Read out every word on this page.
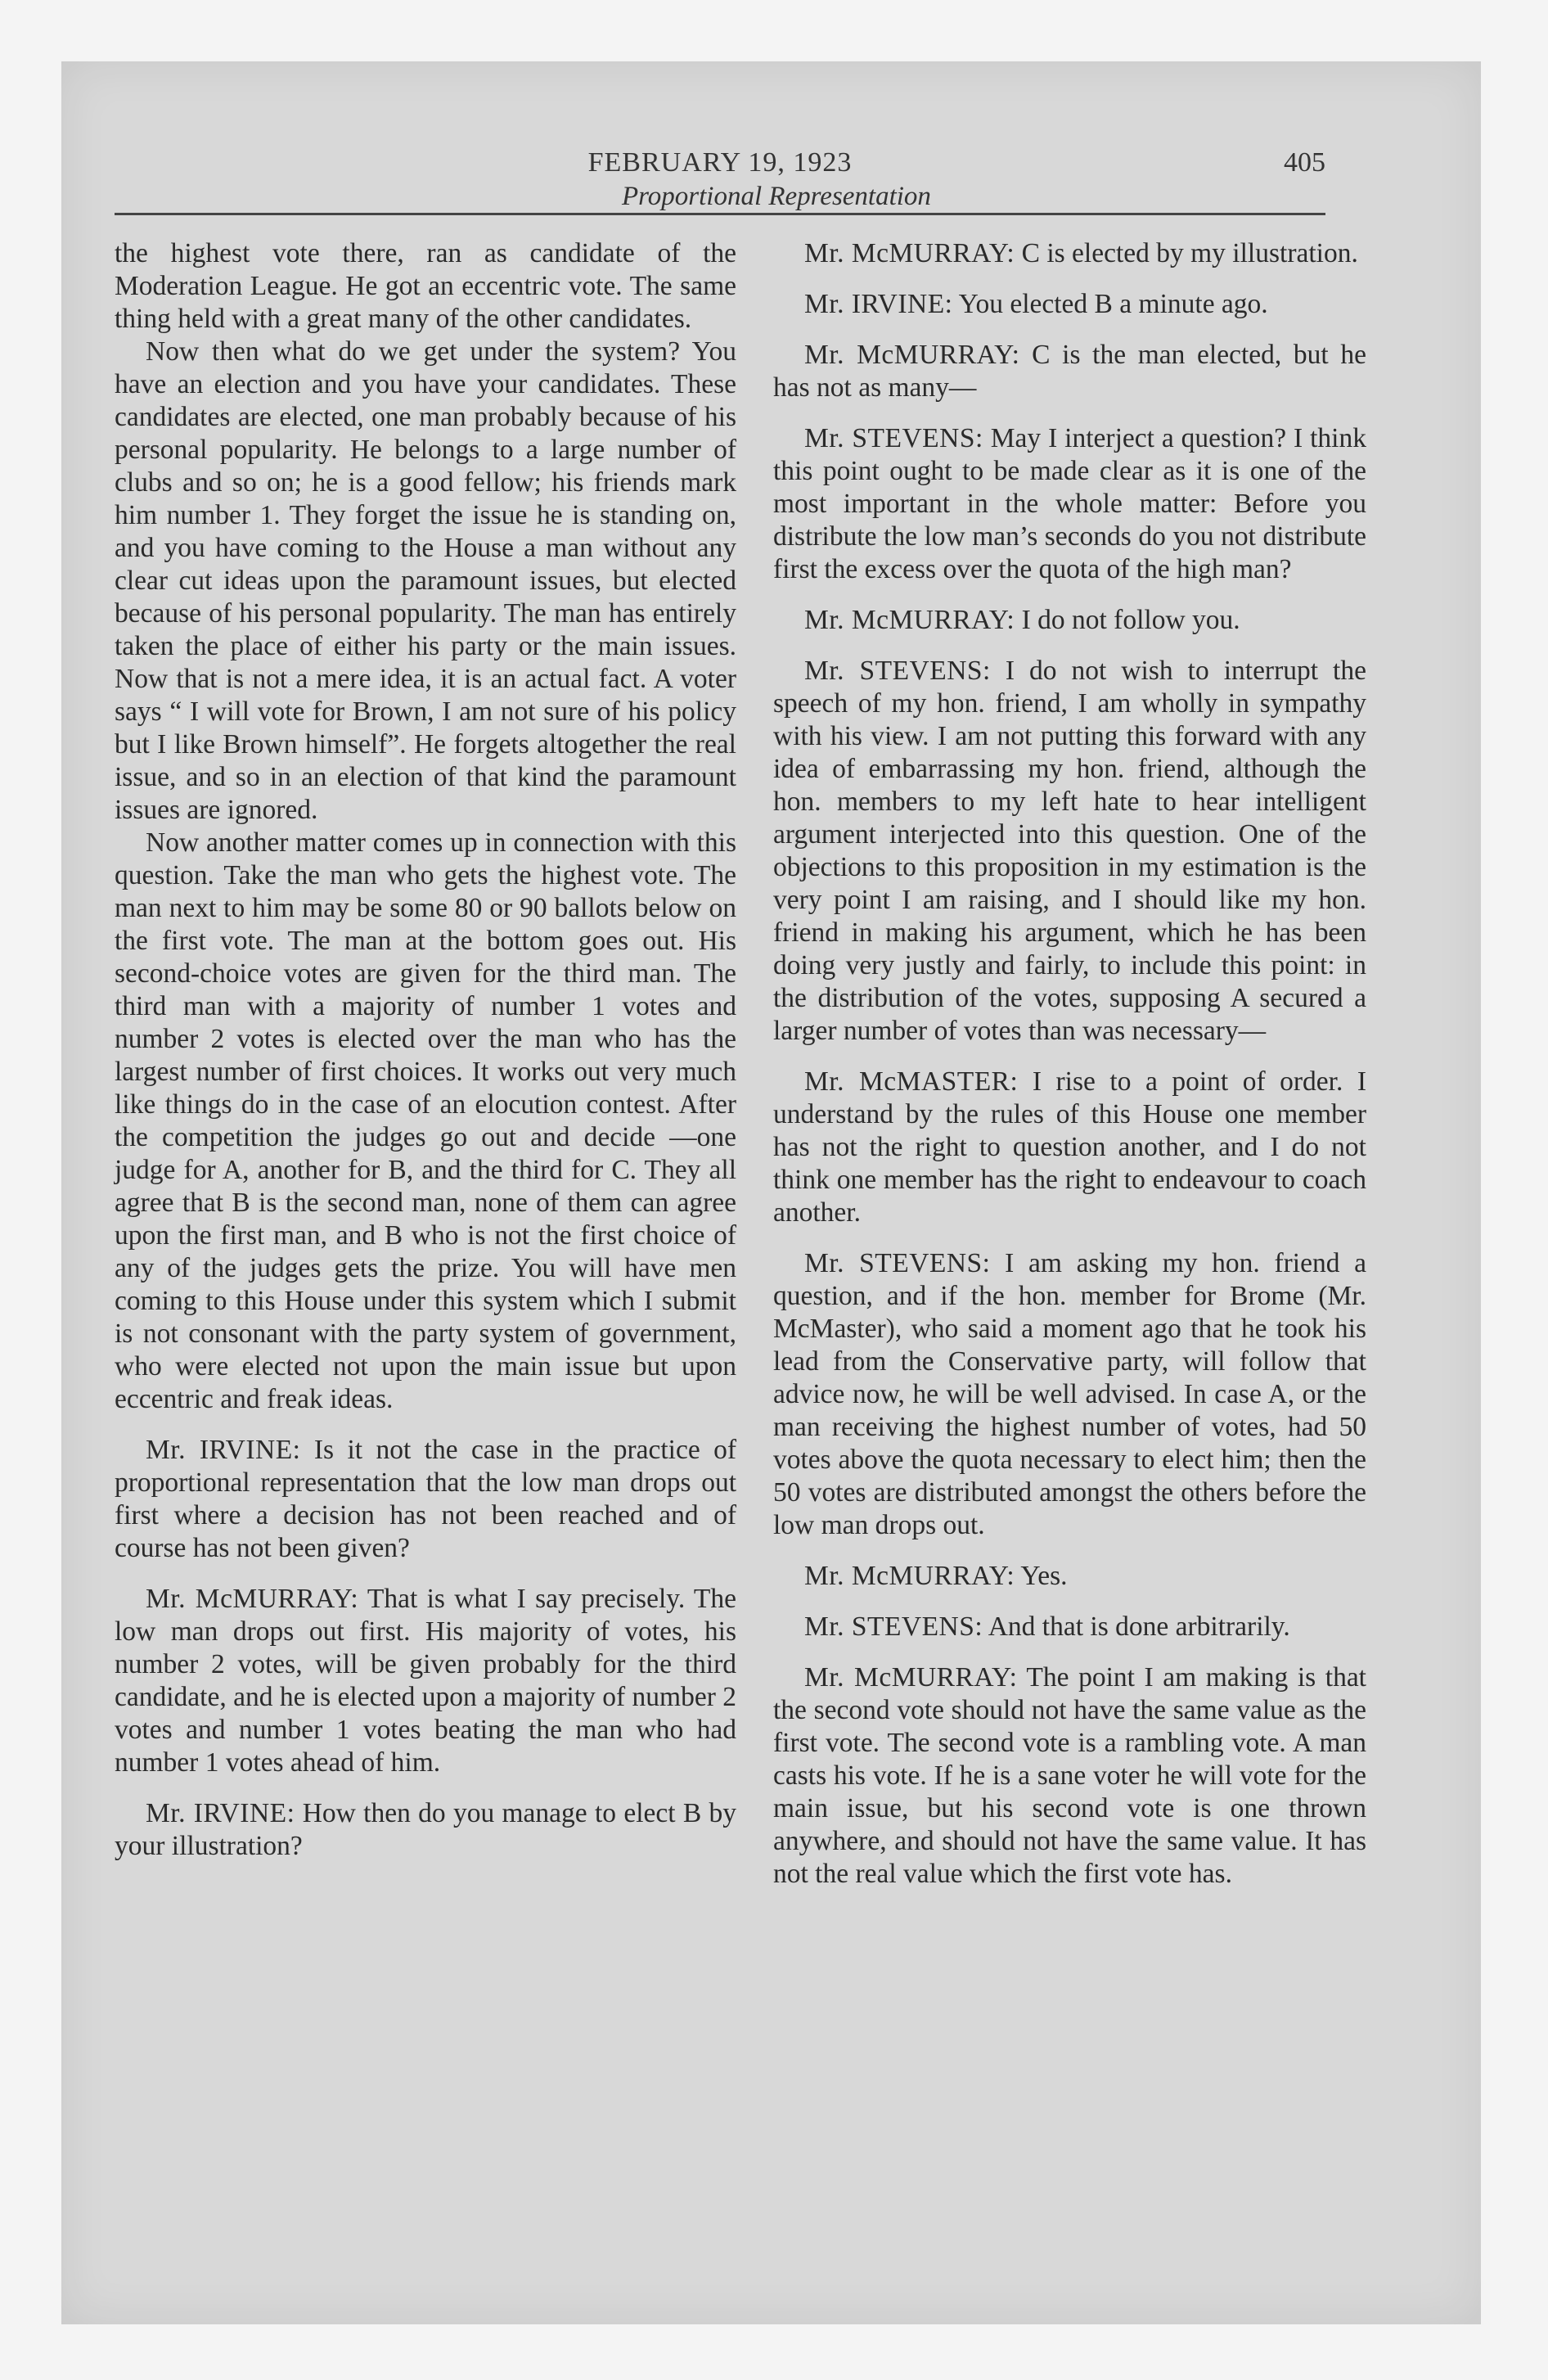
FEBRUARY 19, 1923	405
Proportional Representation

the highest vote there, ran as candidate of the Moderation League. He got an eccentric vote. The same thing held with a great many of the other candidates.

Now then what do we get under the system? You have an election and you have your candidates. These candidates are elected, one man probably because of his personal popularity. He belongs to a large number of clubs and so on; he is a good fellow; his friends mark him number 1. They forget the issue he is standing on, and you have coming to the House a man without any clear cut ideas upon the paramount issues, but elected because of his personal popularity. The man has entirely taken the place of either his party or the main issues. Now that is not a mere idea, it is an actual fact. A voter says “ I will vote for Brown, I am not sure of his policy but I like Brown himself”. He forgets altogether the real issue, and so in an election of that kind the paramount issues are ignored.

Now another matter comes up in connection with this question. Take the man who gets the highest vote. The man next to him may be some 80 or 90 ballots below on the first vote. The man at the bottom goes out. His second-choice votes are given for the third man. The third man with a majority of number 1 votes and number 2 votes is elected over the man who has the largest number of first choices. It works out very much like things do in the case of an elocution contest. After the competition the judges go out and decide —one judge for A, another for B, and the third for C. They all agree that B is the second man, none of them can agree upon the first man, and B who is not the first choice of any of the judges gets the prize. You will have men coming to this House under this system which I submit is not consonant with the party system of government, who were elected not upon the main issue but upon eccentric and freak ideas.

Mr. IRVINE: Is it not the case in the practice of proportional representation that the low man drops out first where a decision has not been reached and of course has not been given?

Mr. McMURRAY: That is what I say precisely. The low man drops out first. His majority of votes, his number 2 votes, will be given probably for the third candidate, and he is elected upon a majority of number 2 votes and number 1 votes beating the man who had number 1 votes ahead of him.

Mr. IRVINE: How then do you manage to elect B by your illustration?

Mr. McMURRAY: C is elected by my illustration.

Mr. IRVINE: You elected B a minute ago.

Mr. McMURRAY: C is the man elected, but he has not as many—

Mr. STEVENS: May I interject a question? I think this point ought to be made clear as it is one of the most important in the whole matter: Before you distribute the low man’s seconds do you not distribute first the excess over the quota of the high man?

Mr. McMURRAY: I do not follow you.

Mr. STEVENS: I do not wish to interrupt the speech of my hon. friend, I am wholly in sympathy with his view. I am not putting this forward with any idea of embarrassing my hon. friend, although the hon. members to my left hate to hear intelligent argument interjected into this question. One of the objections to this proposition in my estimation is the very point I am raising, and I should like my hon. friend in making his argument, which he has been doing very justly and fairly, to include this point: in the distribution of the votes, supposing A secured a larger number of votes than was necessary—

Mr. McMASTER: I rise to a point of order. I understand by the rules of this House one member has not the right to question another, and I do not think one member has the right to endeavour to coach another.

Mr. STEVENS: I am asking my hon. friend a question, and if the hon. member for Brome (Mr. McMaster), who said a moment ago that he took his lead from the Conservative party, will follow that advice now, he will be well advised. In case A, or the man receiving the highest number of votes, had 50 votes above the quota necessary to elect him; then the 50 votes are distributed amongst the others before the low man drops out.

Mr. McMURRAY: Yes.

Mr. STEVENS: And that is done arbitrarily.

Mr. McMURRAY: The point I am making is that the second vote should not have the same value as the first vote. The second vote is a rambling vote. A man casts his vote. If he is a sane voter he will vote for the main issue, but his second vote is one thrown anywhere, and should not have the same value. It has not the real value which the first vote has.
